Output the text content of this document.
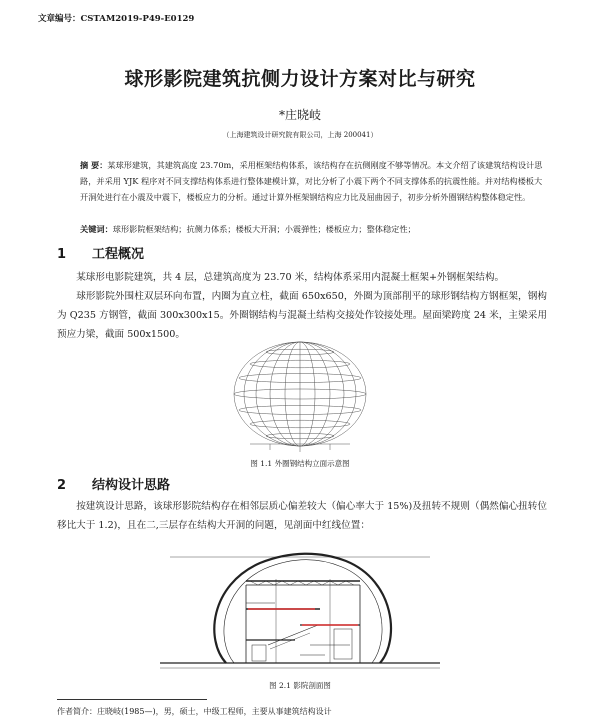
文章编号：CSTAM2019-P49-E0129
球形影院建筑抗侧力设计方案对比与研究
*庄晓岐
（上海建筑设计研究院有限公司，上海 200041）
摘 要：某球形建筑，其建筑高度 23.70m，采用框架结构体系，该结构存在抗侧刚度不够等情况。本文介绍了该建筑结构设计思路，并采用 YJK 程序对不同支撑结构体系进行整体建模计算，对比分析了小震下两个不同支撑体系的抗震性能。并对结构楼板大开洞处进行在小震及中震下，楼板应力的分析。通过计算外框架钢结构应力比及屈曲因子，初步分析外圈钢结构整体稳定性。
关键词：球形影院框架结构；抗侧力体系；楼板大开洞；小震弹性；楼板应力；整体稳定性；
1 工程概况
某球形电影院建筑，共 4 层，总建筑高度为 23.70 米，结构体系采用内混凝土框架+外钢框架结构。
球形影院外围柱双层环向布置，内圈为直立柱，截面 650x650，外圈为顶部削平的球形钢结构方钢框架，钢构为 Q235 方钢管，截面 300x300x15。外圈钢结构与混凝土结构交接处作铰接处理。屋面梁跨度 24 米，主梁采用预应力梁，截面 500x1500。
图 1.1 外圈钢结构立面示意图
2 结构设计思路
按建筑设计思路，该球形影院结构存在相邻层质心偏差较大（偏心率大于 15%)及扭转不规则（偶然偏心扭转位移比大于 1.2)，且在二,三层存在结构大开洞的问题，见剖面中红线位置：
图 2.1 影院剖面图
作者简介：庄晓岐(1985—)，男，硕士，中级工程师，主要从事建筑结构设计
